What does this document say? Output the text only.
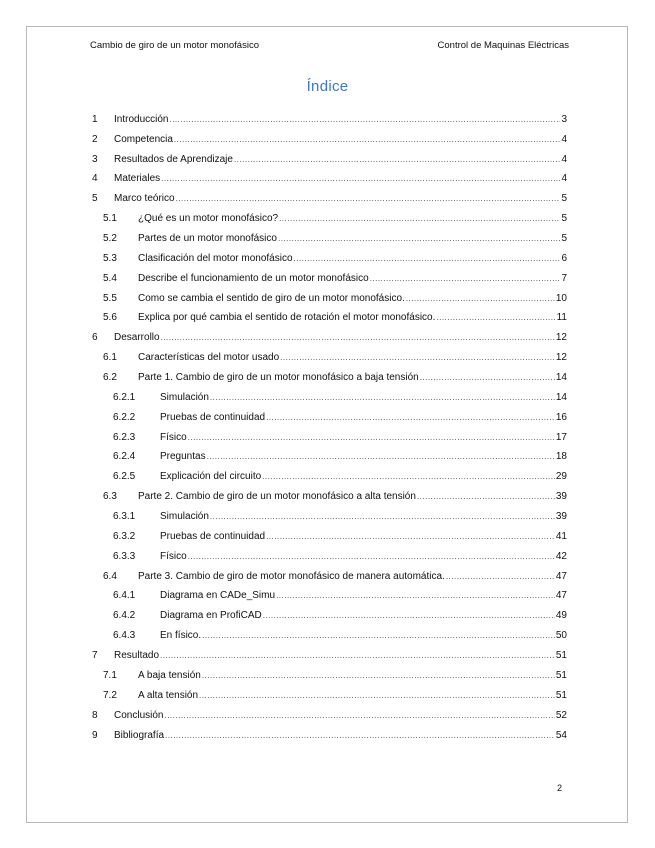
Cambio de giro de un motor monofásico	Control de Maquinas Eléctricas
Índice
1	Introducción .....	3
2	Competencia .....	4
3	Resultados de Aprendizaje .....	4
4	Materiales .....	4
5	Marco teórico .....	5
5.1	¿Qué es un motor monofásico? .....	5
5.2	Partes de un motor monofásico .....	5
5.3	Clasificación del motor monofásico .....	6
5.4	Describe el funcionamiento de un motor monofásico .....	7
5.5	Como se cambia el sentido de giro de un motor monofásico. .....	10
5.6	Explica por qué cambia el sentido de rotación el motor monofásico. .....	11
6	Desarrollo .....	12
6.1	Características del motor usado .....	12
6.2	Parte 1. Cambio de giro de un motor monofásico a baja tensión .....	14
6.2.1	Simulación .....	14
6.2.2	Pruebas de continuidad .....	16
6.2.3	Físico .....	17
6.2.4	Preguntas .....	18
6.2.5	Explicación del circuito .....	29
6.3	Parte 2. Cambio de giro de un motor monofásico a alta tensión .....	39
6.3.1	Simulación .....	39
6.3.2	Pruebas de continuidad .....	41
6.3.3	Físico .....	42
6.4	Parte 3. Cambio de giro de motor monofásico de manera automática. .....	47
6.4.1	Diagrama en CADe_Simu .....	47
6.4.2	Diagrama en ProfiCAD .....	49
6.4.3	En físico. .....	50
7	Resultado .....	51
7.1	A baja tensión .....	51
7.2	A alta tensión .....	51
8	Conclusión .....	52
9	Bibliografía .....	54
2
